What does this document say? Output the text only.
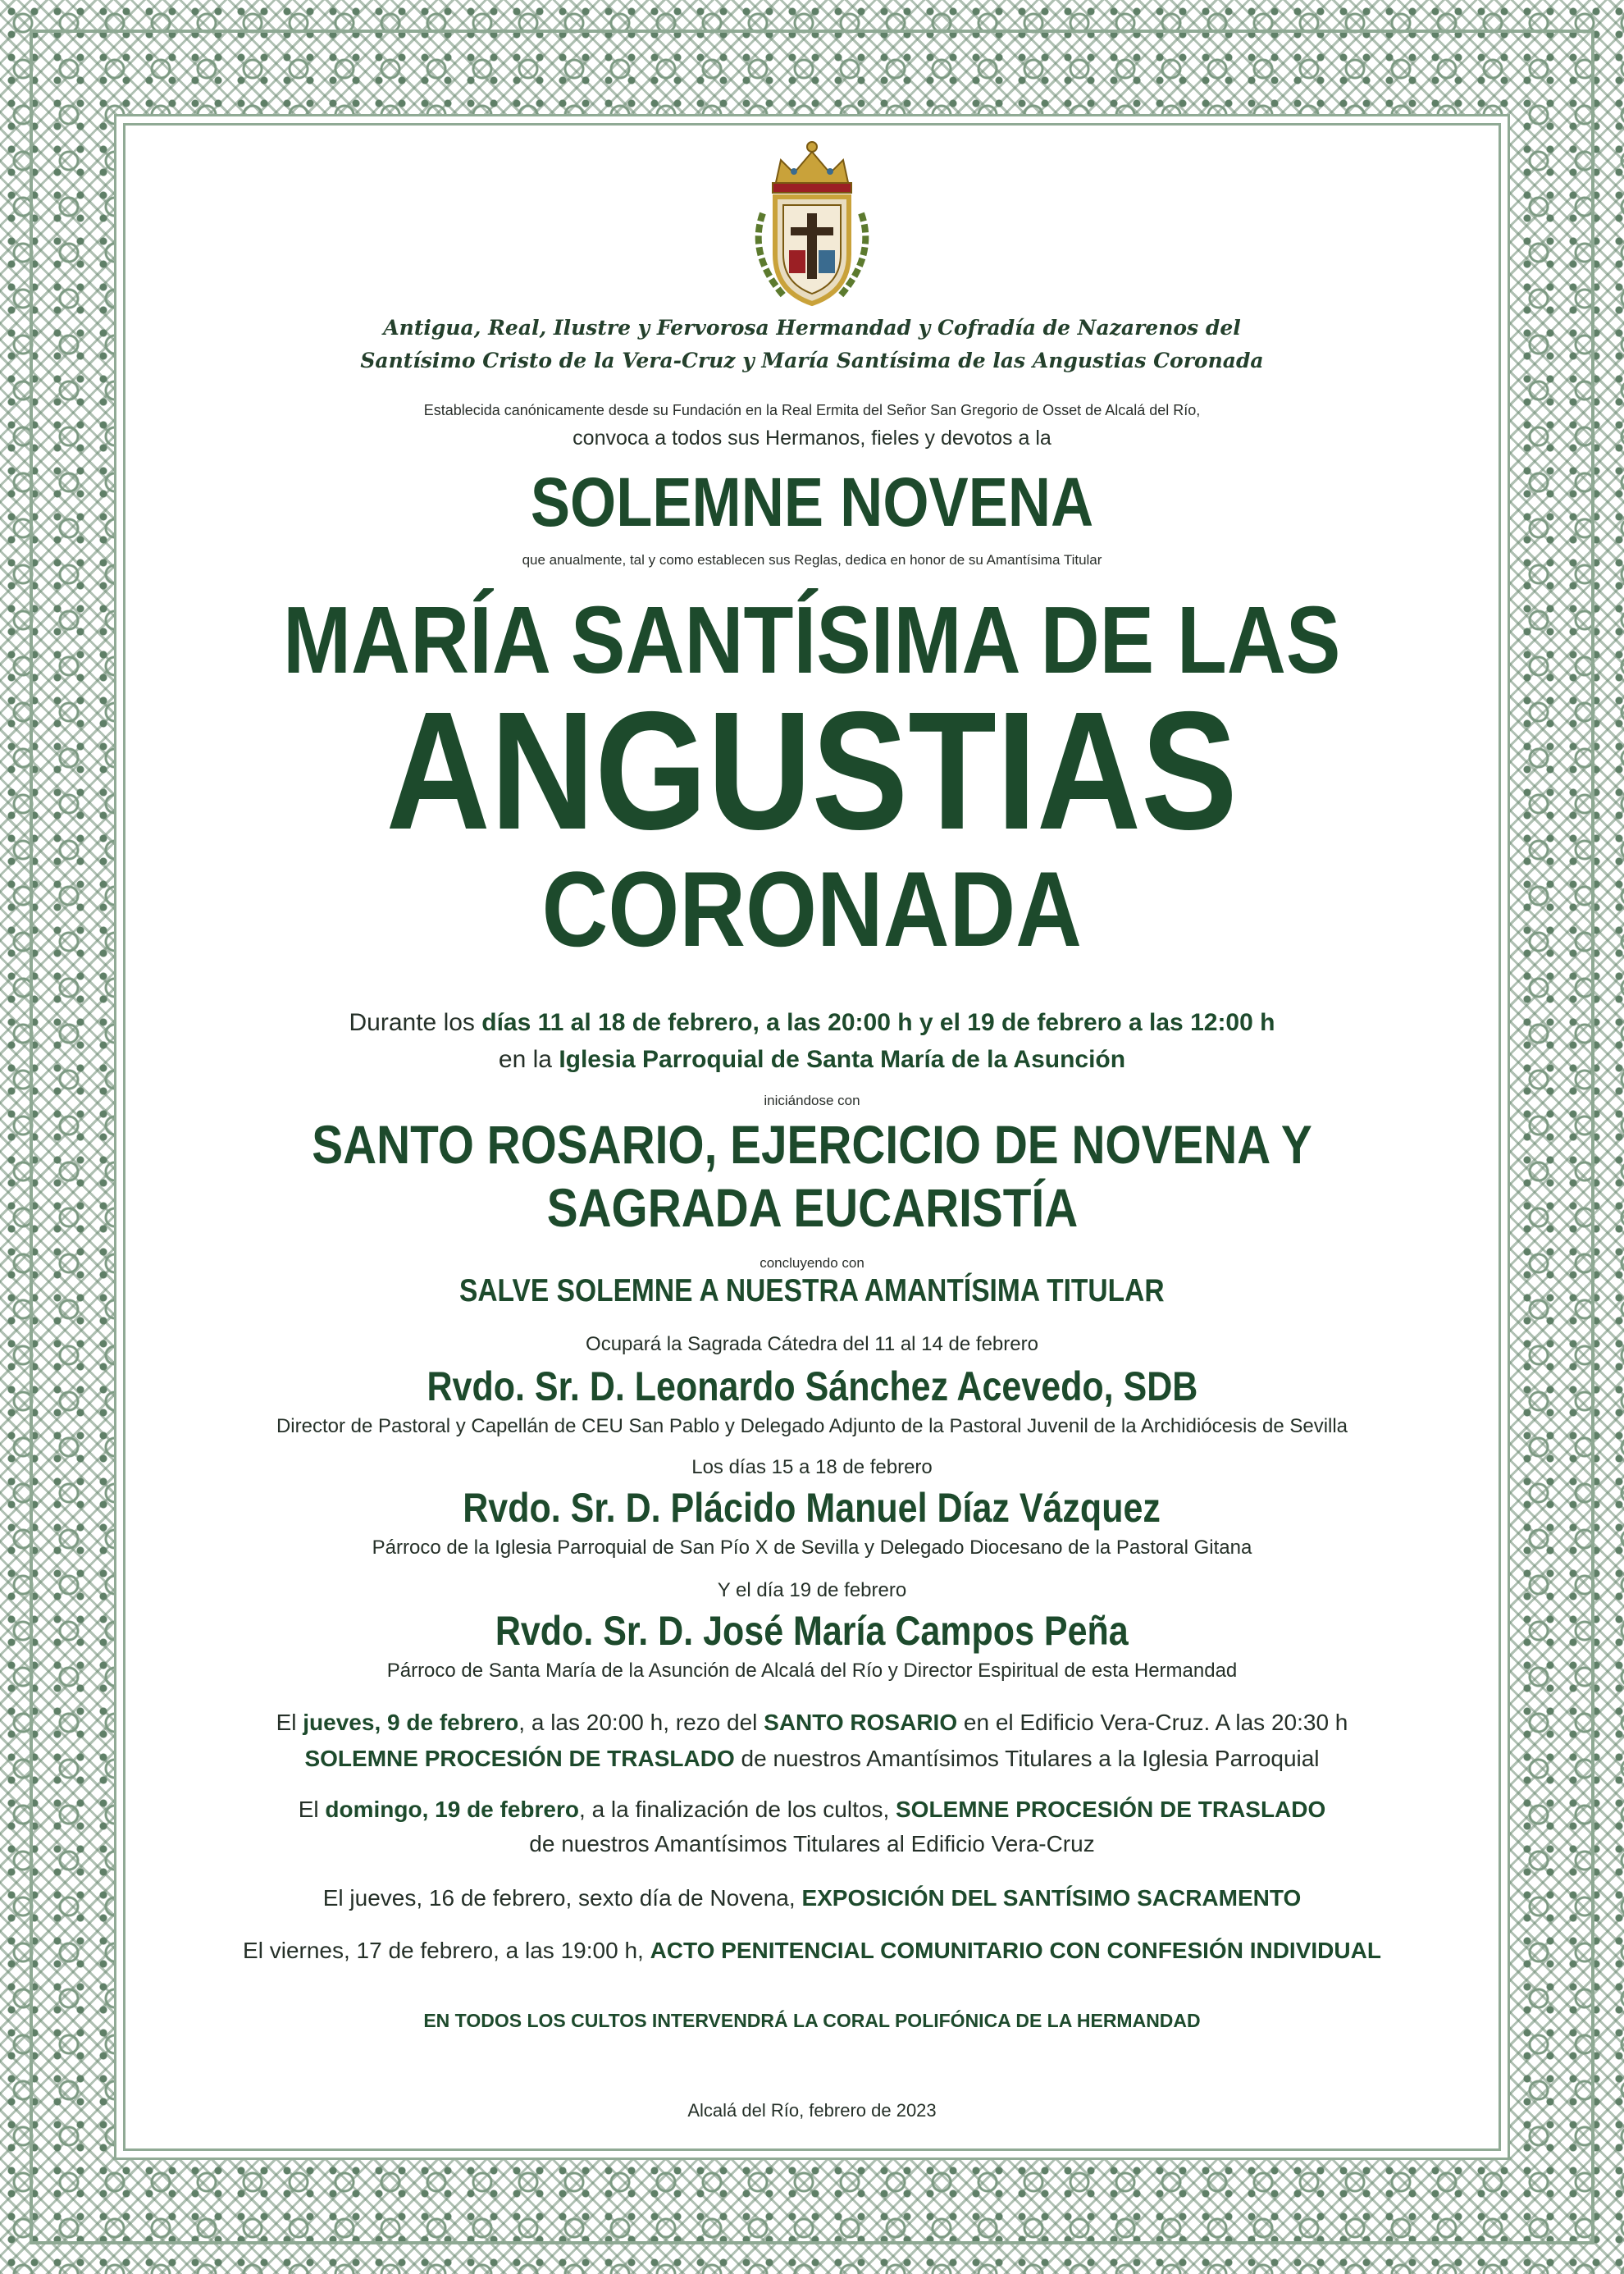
Antigua, Real, Ilustre y Fervorosa Hermandad y Cofradía de Nazarenos del
Santísimo Cristo de la Vera-Cruz y María Santísima de las Angustias Coronada
Establecida canónicamente desde su Fundación en la Real Ermita del Señor San Gregorio de Osset de Alcalá del Río,
convoca a todos sus Hermanos, fieles y devotos a la
SOLEMNE NOVENA
que anualmente, tal y como establecen sus Reglas, dedica en honor de su Amantísima Titular
MARÍA SANTÍSIMA DE LAS
ANGUSTIAS
CORONADA
Durante los días 11 al 18 de febrero, a las 20:00 h y el 19 de febrero a las 12:00 h
en la Iglesia Parroquial de Santa María de la Asunción
iniciándose con
SANTO ROSARIO, EJERCICIO DE NOVENA Y
SAGRADA EUCARISTÍA
concluyendo con
SALVE SOLEMNE A NUESTRA AMANTÍSIMA TITULAR
Ocupará la Sagrada Cátedra del 11 al 14 de febrero
Rvdo. Sr. D. Leonardo Sánchez Acevedo, SDB
Director de Pastoral y Capellán de CEU San Pablo y Delegado Adjunto de la Pastoral Juvenil de la Archidiócesis de Sevilla
Los días 15 a 18 de febrero
Rvdo. Sr. D. Plácido Manuel Díaz Vázquez
Párroco de la Iglesia Parroquial de San Pío X de Sevilla y Delegado Diocesano de la Pastoral Gitana
Y el día 19 de febrero
Rvdo. Sr. D. José María Campos Peña
Párroco de Santa María de la Asunción de Alcalá del Río y Director Espiritual de esta Hermandad
El jueves, 9 de febrero, a las 20:00 h, rezo del SANTO ROSARIO en el Edificio Vera-Cruz. A las 20:30 h
SOLEMNE PROCESIÓN DE TRASLADO de nuestros Amantísimos Titulares a la Iglesia Parroquial
El domingo, 19 de febrero, a la finalización de los cultos, SOLEMNE PROCESIÓN DE TRASLADO
de nuestros Amantísimos Titulares al Edificio Vera-Cruz
El jueves, 16 de febrero, sexto día de Novena, EXPOSICIÓN DEL SANTÍSIMO SACRAMENTO
El viernes, 17 de febrero, a las 19:00 h, ACTO PENITENCIAL COMUNITARIO CON CONFESIÓN INDIVIDUAL
EN TODOS LOS CULTOS INTERVENDRÁ LA CORAL POLIFÓNICA DE LA HERMANDAD
Alcalá del Río, febrero de 2023
